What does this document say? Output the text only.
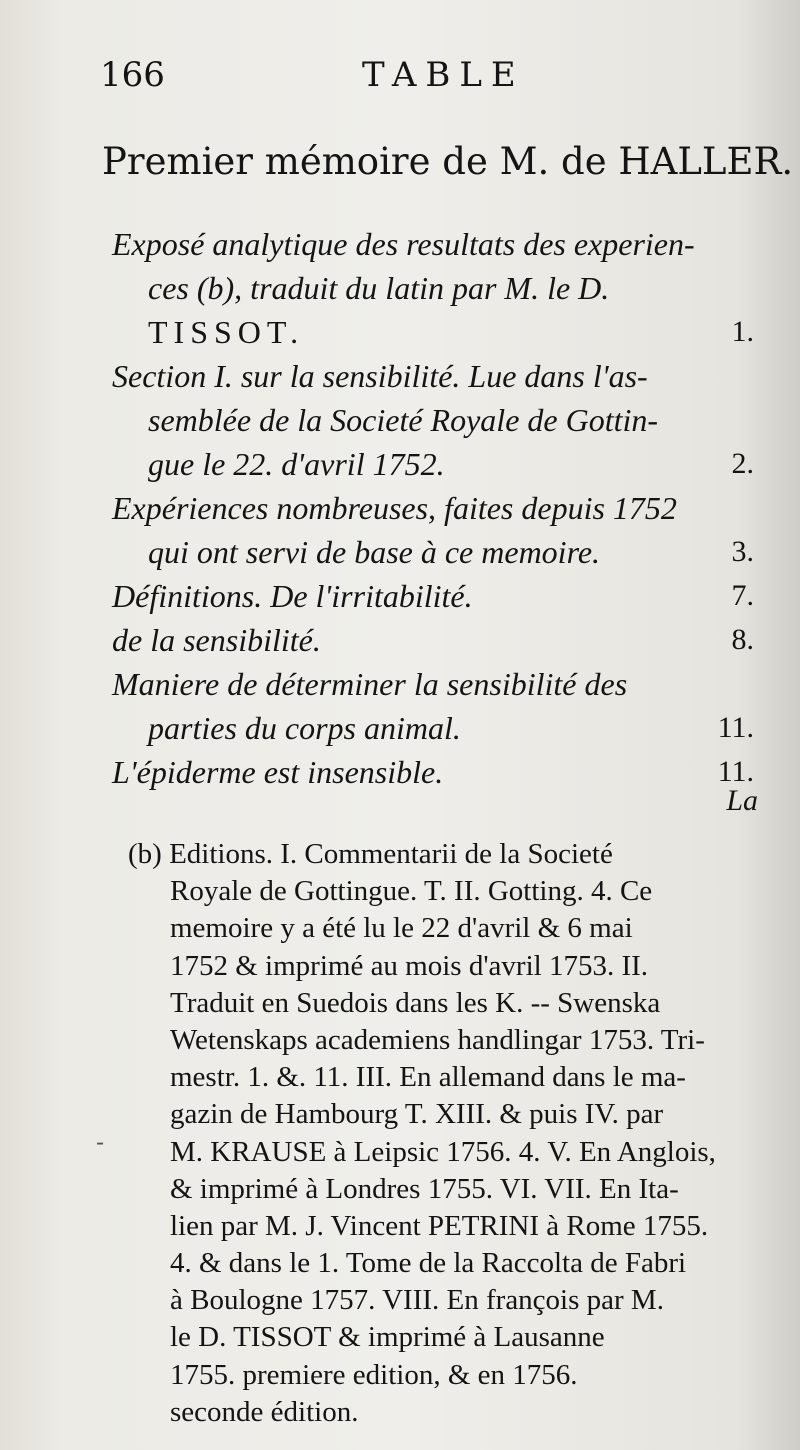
166	TABLE
Premier mémoire de M. de HALLER.
Exposé analytique des resultats des experien-
ces (b), traduit du latin par M. le D.
TISSOT.	1.
Section I. sur la sensibilité. Lue dans l'as-
semblée de la Societé Royale de Gottin-
gue le 22. d'avril 1752.	2.
Expériences nombreuses, faites depuis 1752
qui ont servi de base à ce memoire.	3.
Définitions. De l'irritabilité.	7.
de la sensibilité.	8.
Maniere de déterminer la sensibilité des
parties du corps animal.	11.
L'épiderme est insensible.	11.
La
-
(b) Editions. I. Commentarii de la Societé
Royale de Gottingue. T. II. Gotting. 4. Ce
memoire y a été lu le 22 d'avril & 6 mai
1752 & imprimé au mois d'avril 1753. II.
Traduit en Suedois dans les K. -- Swenska
Wetenskaps academiens handlingar 1753. Tri-
mestr. 1. &. 11. III. En allemand dans le ma-
gazin de Hambourg T. XIII. & puis IV. par
M. KRAUSE à Leipsic 1756. 4. V. En Anglois,
& imprimé à Londres 1755. VI. VII. En Ita-
lien par M. J. Vincent PETRINI à Rome 1755.
4. & dans le 1. Tome de la Raccolta de Fabri
à Boulogne 1757. VIII. En françois par M.
le D. TISSOT & imprimé à Lausanne
1755. premiere edition, & en 1756.
seconde édition.
